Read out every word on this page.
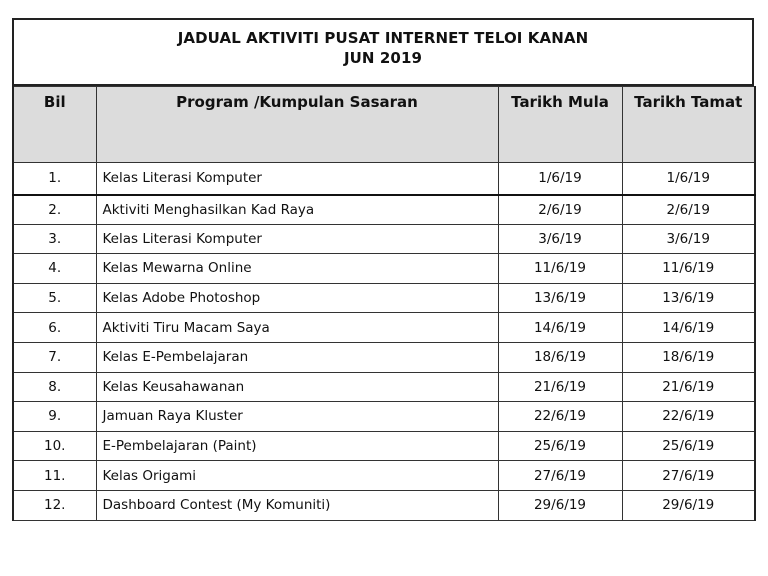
JADUAL AKTIVITI PUSAT INTERNET TELOI KANAN
JUN 2019
Bil	Program /Kumpulan Sasaran	Tarikh Mula	Tarikh Tamat
1.	Kelas Literasi Komputer	1/6/19	1/6/19
2.	Aktiviti Menghasilkan Kad Raya	2/6/19	2/6/19
3.	Kelas Literasi Komputer	3/6/19	3/6/19
4.	Kelas Mewarna Online	11/6/19	11/6/19
5.	Kelas Adobe Photoshop	13/6/19	13/6/19
6.	Aktiviti Tiru Macam Saya	14/6/19	14/6/19
7.	Kelas E-Pembelajaran	18/6/19	18/6/19
8.	Kelas Keusahawanan	21/6/19	21/6/19
9.	Jamuan Raya Kluster	22/6/19	22/6/19
10.	E-Pembelajaran (Paint)	25/6/19	25/6/19
11.	Kelas Origami	27/6/19	27/6/19
12.	Dashboard Contest (My Komuniti)	29/6/19	29/6/19
